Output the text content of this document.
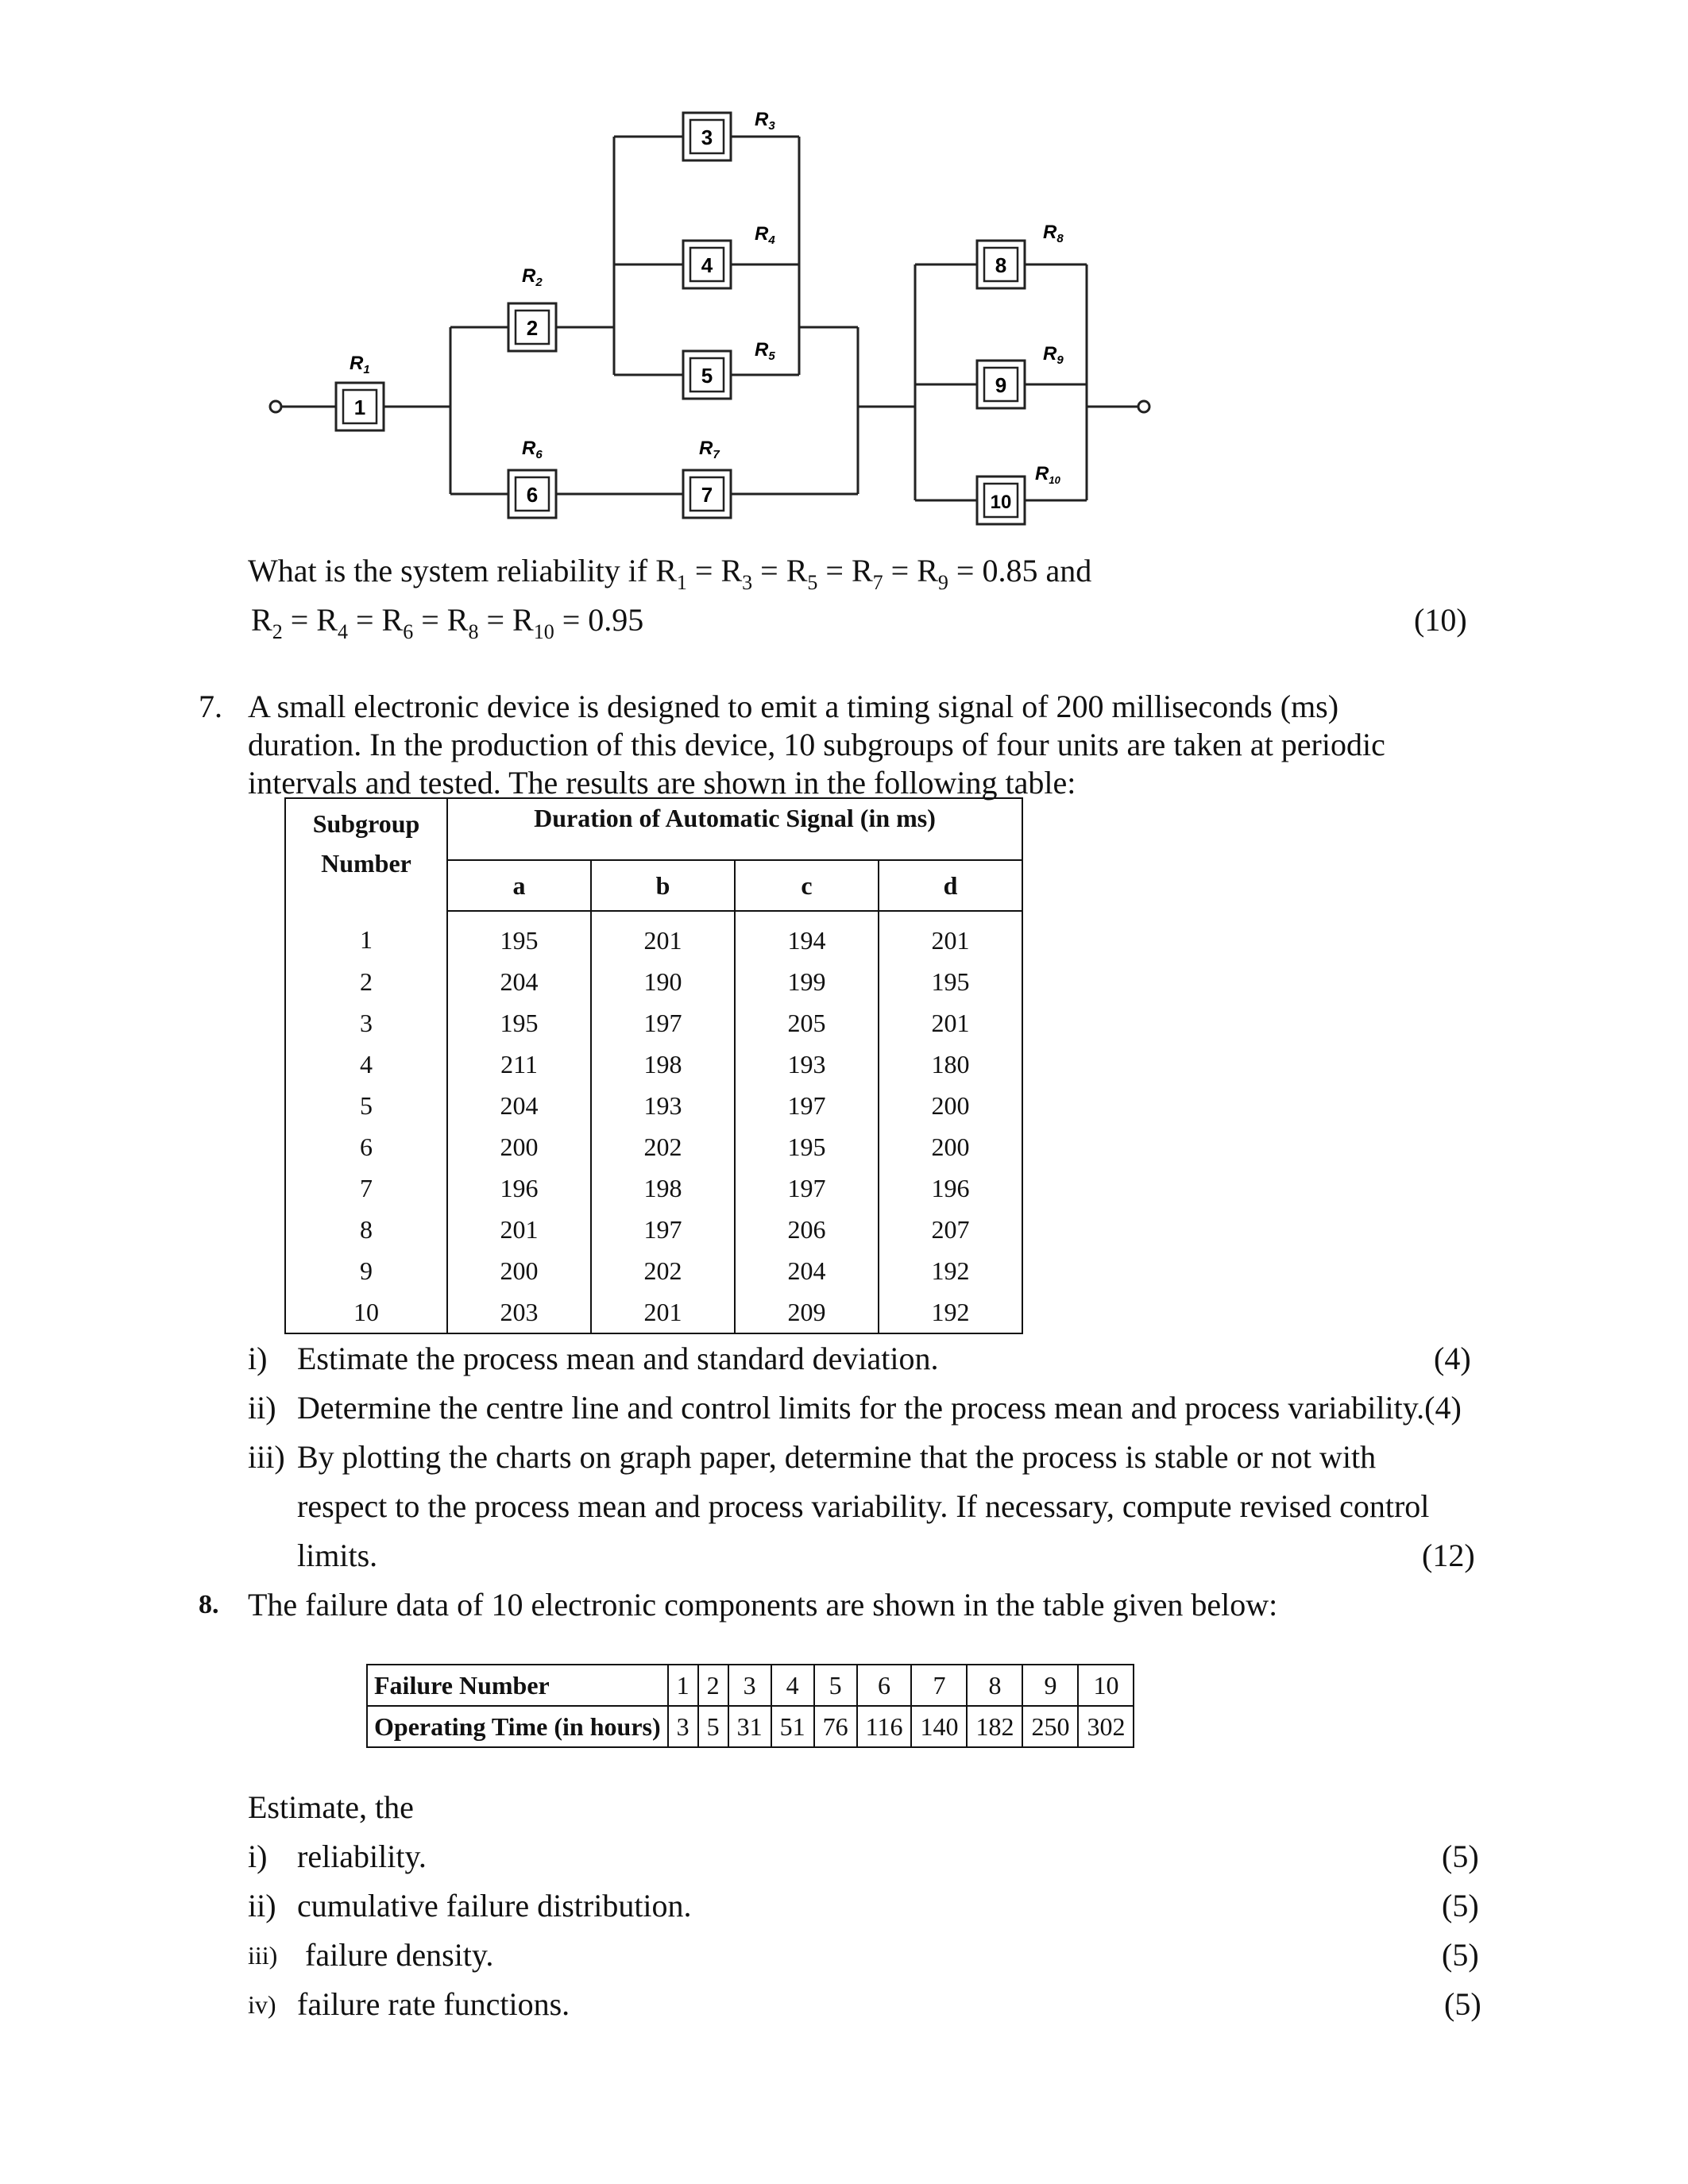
1
2
3
4
5
6	7
8
9
10
$R_1$
$R_2$
$R_3$
$R_4$
$R_5$
$R_6$	$R_7$
$R_8$
$R_9$
$R_{10}$
What is the system reliability if $R_1 = R_3 = R_5 = R_7 = R_9 = 0.85$ and
$R_2 = R_4 = R_6 = R_8 = R_{10} = 0.95$	(10)
7. A small electronic device is designed to emit a timing signal of 200 milliseconds (ms)
duration. In the production of this device, 10 subgroups of four units are taken at periodic
intervals and tested. The results are shown in the following table:
Subgroup
Number	Duration of Automatic Signal (in ms)			
	a	b	c	d
1	195	201	194	201
2	204	190	199	195
3	195	197	205	201
4	211	198	193	180
5	204	193	197	200
6	200	202	195	200
7	196	198	197	196
8	201	197	206	207
9	200	202	204	192
10	203	201	209	192
i) Estimate the process mean and standard deviation.	(4)
ii) Determine the centre line and control limits for the process mean and process variability.(4)
iii) By plotting the charts on graph paper, determine that the process is stable or not with
respect to the process mean and process variability. If necessary, compute revised control
limits.	(12)
8. The failure data of 10 electronic components are shown in the table given below:
Failure Number	1	2	3	4	5	6	7	8	9	10
Operating Time (in hours)	3	5	31	51	76	116	140	182	250	302
Estimate, the
i) reliability.	(5)
ii) cumulative failure distribution.	(5)
iii) failure density.	(5)
iv) failure rate functions.	(5)
